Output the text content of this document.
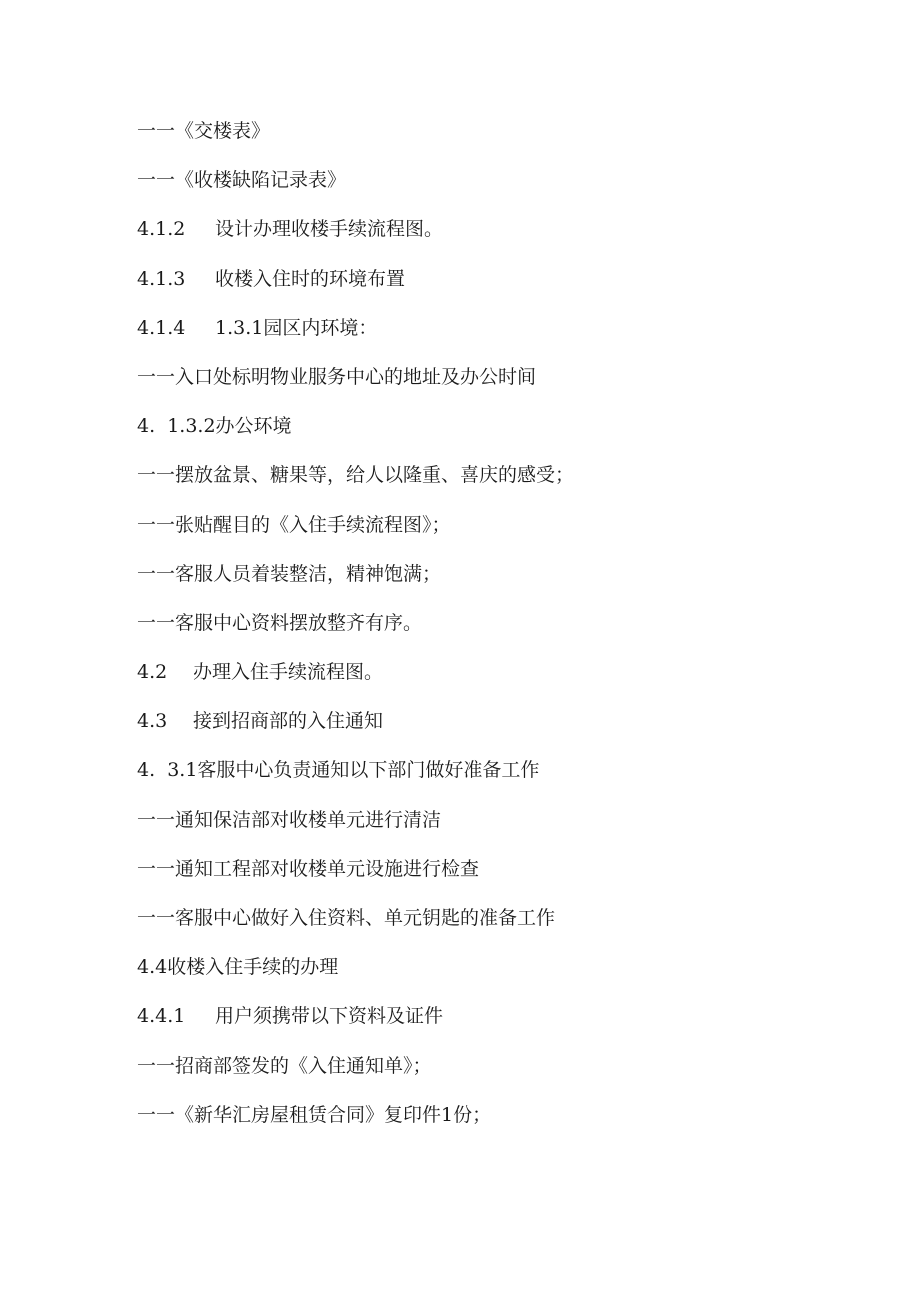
一一《交楼表》
一一《收楼缺陷记录表》
4.1.2 设计办理收楼手续流程图。
4.1.3 收楼入住时的环境布置
4.1.4 1.3.1园区内环境：
一一入口处标明物业服务中心的地址及办公时间
4.  1.3.2办公环境
一一摆放盆景、糖果等，给人以隆重、喜庆的感受；
一一张贴醒目的《入住手续流程图》；
一一客服人员着装整洁，精神饱满；
一一客服中心资料摆放整齐有序。
4.2 办理入住手续流程图。
4.3 接到招商部的入住通知
4.  3.1客服中心负责通知以下部门做好准备工作
一一通知保洁部对收楼单元进行清洁
一一通知工程部对收楼单元设施进行检查
一一客服中心做好入住资料、单元钥匙的准备工作
4.4收楼入住手续的办理
4.4.1 用户须携带以下资料及证件
一一招商部签发的《入住通知单》；
一一《新华汇房屋租赁合同》复印件1份；
